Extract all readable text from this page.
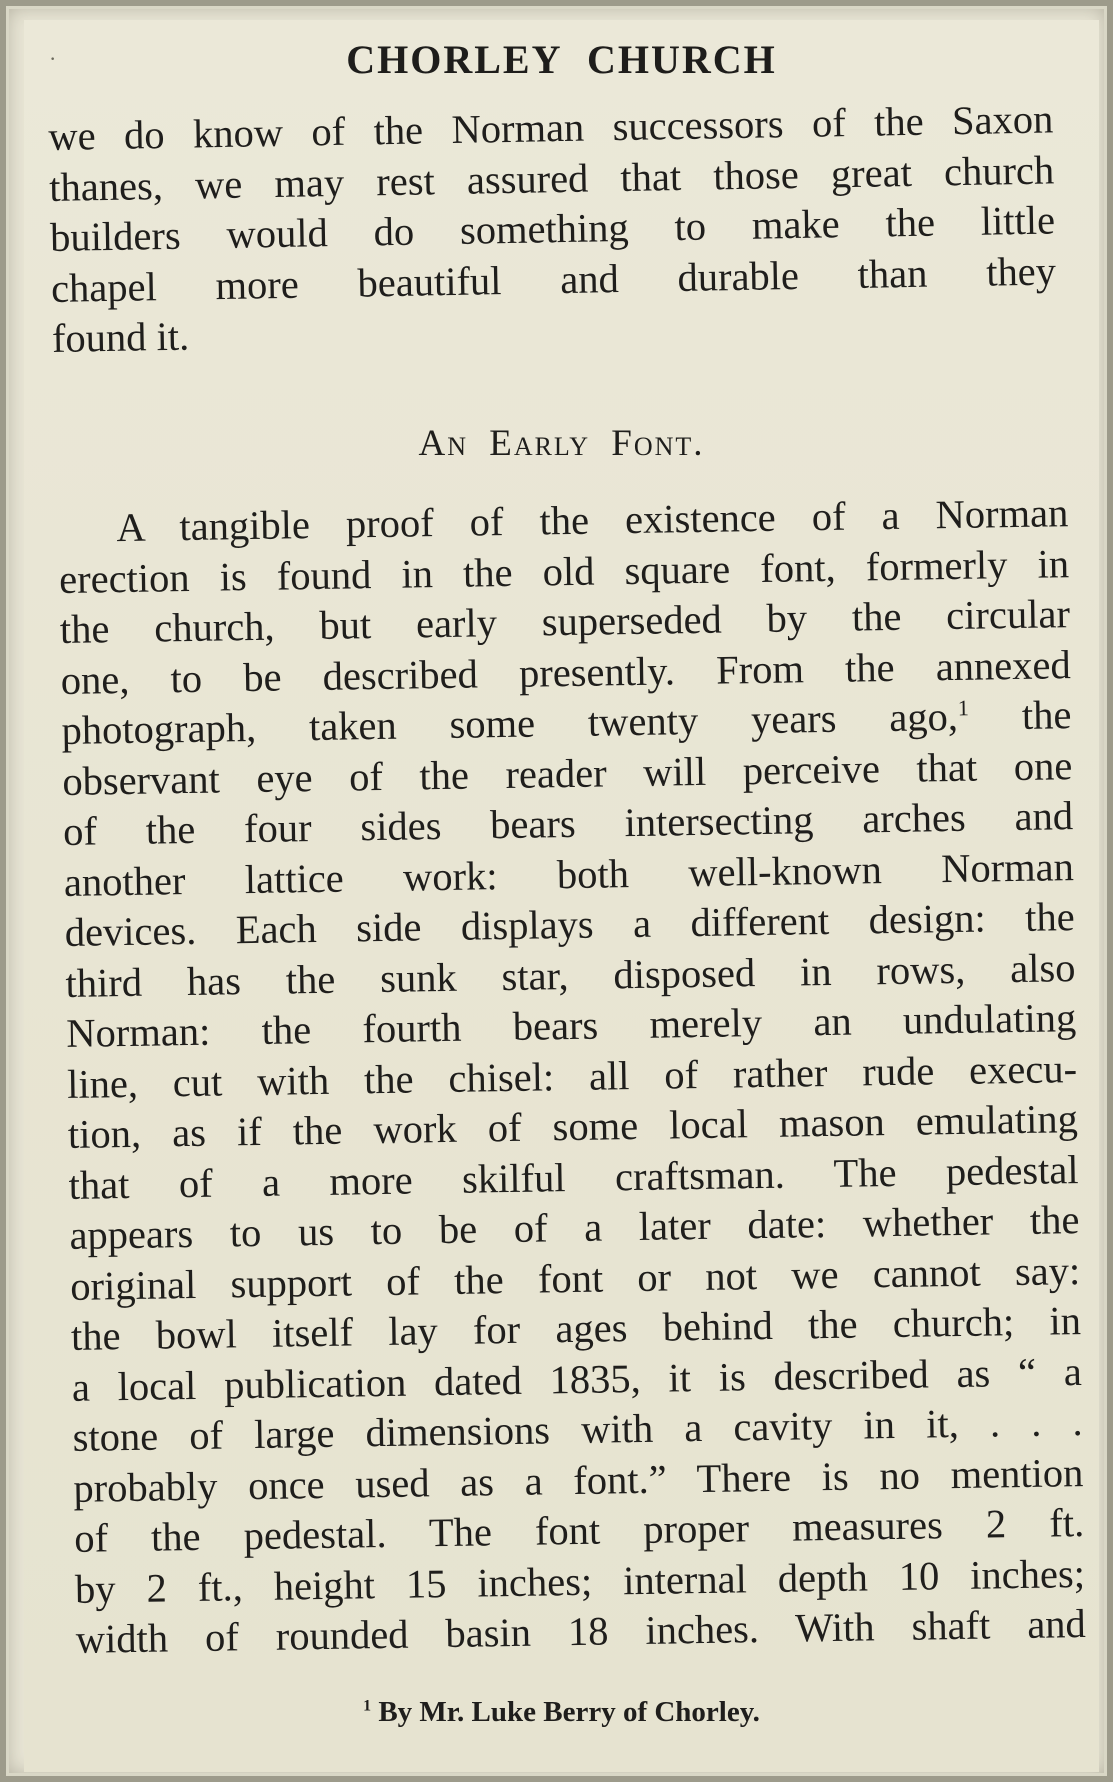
·	CHORLEY CHURCH
we do know of the Norman successors of the Saxon
thanes, we may rest assured that those great church
builders would do something to make the little
chapel more beautiful and durable than they
found it.
An Early Font.
A tangible proof of the existence of a Norman
erection is found in the old square font, formerly in
the church, but early superseded by the circular
one, to be described presently. From the annexed
photograph, taken some twenty years ago,$^1$ the
observant eye of the reader will perceive that one
of the four sides bears intersecting arches and
another lattice work: both well-known Norman
devices. Each side displays a different design: the
third has the sunk star, disposed in rows, also
Norman: the fourth bears merely an undulating
line, cut with the chisel: all of rather rude execu-
tion, as if the work of some local mason emulating
that of a more skilful craftsman. The pedestal
appears to us to be of a later date: whether the
original support of the font or not we cannot say:
the bowl itself lay for ages behind the church; in
a local publication dated 1835, it is described as “ a
stone of large dimensions with a cavity in it, . . .
probably once used as a font.” There is no mention
of the pedestal. The font proper measures 2 ft.
by 2 ft., height 15 inches; internal depth 10 inches;
width of rounded basin 18 inches. With shaft and
$^1$ By Mr. Luke Berry of Chorley.
